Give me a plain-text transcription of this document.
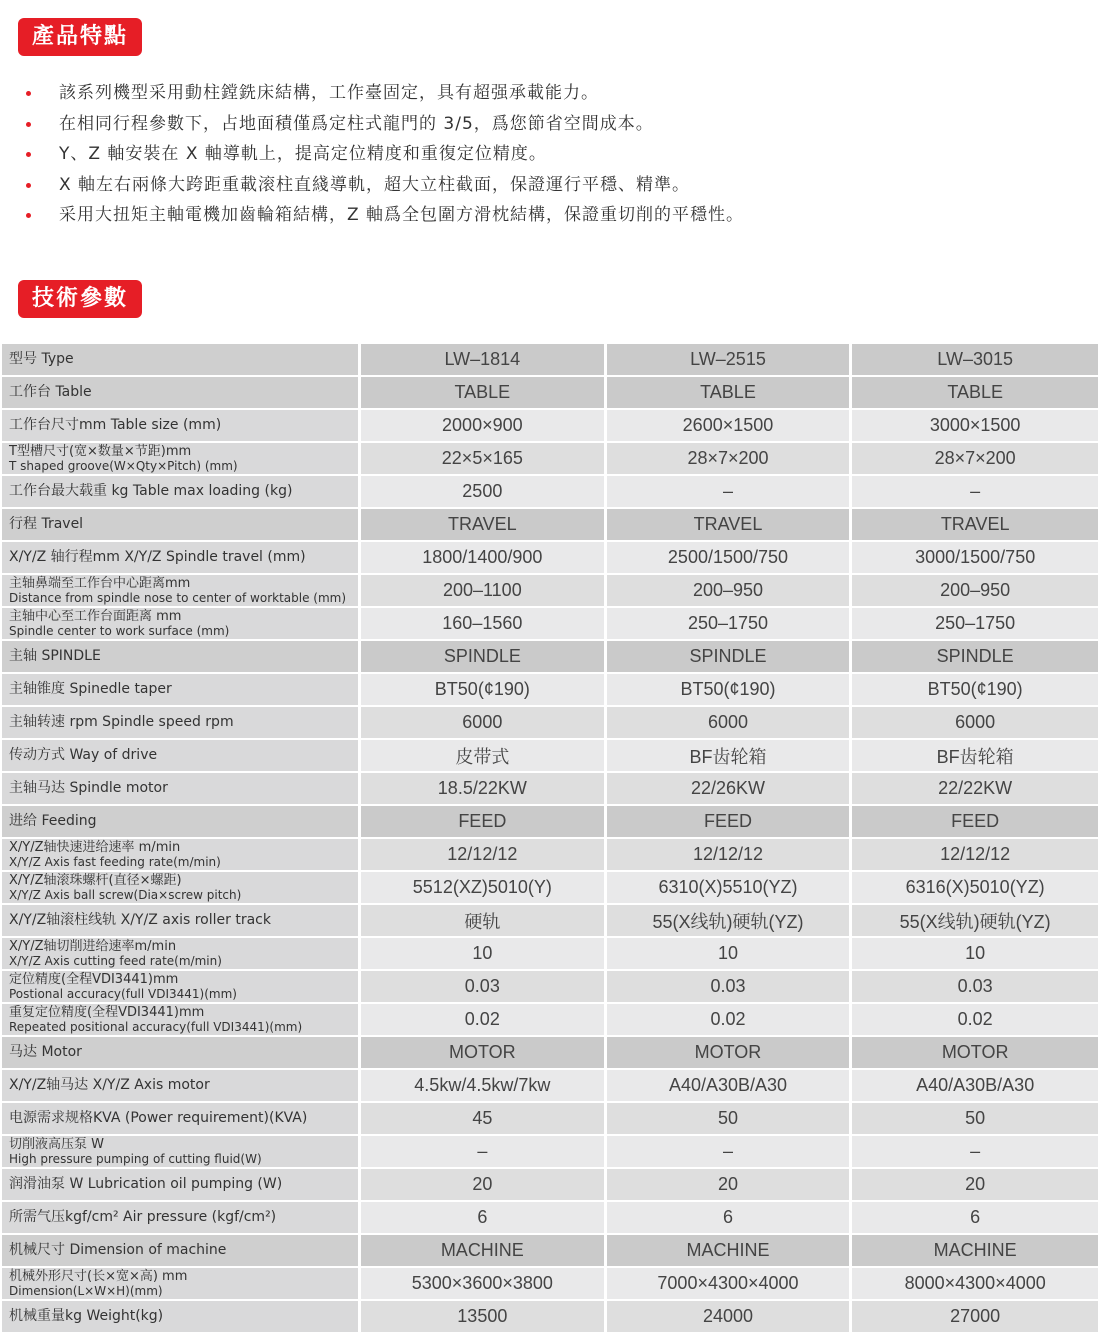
產品特點
該系列機型采用動柱鏜銑床結構，工作臺固定，具有超强承載能力。
在相同行程參數下，占地面積僅爲定柱式龍門的 3/5，爲您節省空間成本。
Y、Z 軸安裝在 X 軸導軌上，提高定位精度和重復定位精度。
X 軸左右兩條大跨距重載滚柱直綫導軌，超大立柱截面，保證運行平穩、精準。
采用大扭矩主軸電機加齒輪箱結構，Z 軸爲全包圍方滑枕結構，保證重切削的平穩性。
技術參數
型号 Type	LW–1814	LW–2515	LW–3015
工作台 Table	TABLE	TABLE	TABLE
工作台尺寸mm Table size (mm)	2000×900	2600×1500	3000×1500

T型槽尺寸(宽×数量×节距)mm
T shaped groove(W×Qty×Pitch) (mm)	22×5×165	28×7×200	28×7×200
工作台最大载重 kg Table max loading (kg)	2500	–	–
行程 Travel	TRAVEL	TRAVEL	TRAVEL
X/Y/Z 轴行程mm X/Y/Z Spindle travel (mm)	1800/1400/900	2500/1500/750	3000/1500/750

主轴鼻端至工作台中心距离mm
Distance from spindle nose to center of worktable (mm)	200–1100	200–950	200–950

主轴中心至工作台面距离 mm
Spindle center to work surface (mm)	160–1560	250–1750	250–1750
主轴 SPINDLE	SPINDLE	SPINDLE	SPINDLE
主轴锥度 Spinedle taper	BT50(¢190)	BT50(¢190)	BT50(¢190)
主轴转速 rpm Spindle speed rpm	6000	6000	6000
传动方式 Way of drive	皮带式	BF齿轮箱	BF齿轮箱
主轴马达 Spindle motor	18.5/22KW	22/26KW	22/22KW
进给 Feeding	FEED	FEED	FEED

X/Y/Z轴快速进给速率 m/min
X/Y/Z Axis fast feeding rate(m/min)	12/12/12	12/12/12	12/12/12

X/Y/Z轴滚珠螺杆(直径×螺距)
X/Y/Z Axis ball screw(Dia×screw pitch)	5512(XZ)5010(Y)	6310(X)5510(YZ)	6316(X)5010(YZ)
X/Y/Z轴滚柱线轨 X/Y/Z axis roller track	硬轨	55(X线轨)硬轨(YZ)	55(X线轨)硬轨(YZ)

X/Y/Z轴切削进给速率m/min
X/Y/Z Axis cutting feed rate(m/min)	10	10	10

定位精度(全程VDI3441)mm
Postional accuracy(full VDI3441)(mm)	0.03	0.03	0.03

重复定位精度(全程VDI3441)mm
Repeated positional accuracy(full VDI3441)(mm)	0.02	0.02	0.02
马达 Motor	MOTOR	MOTOR	MOTOR
X/Y/Z轴马达 X/Y/Z Axis motor	4.5kw/4.5kw/7kw	A40/A30B/A30	A40/A30B/A30
电源需求规格KVA (Power requirement)(KVA)	45	50	50

切削液高压泵 W
High pressure pumping of cutting fluid(W)	–	–	–
润滑油泵 W Lubrication oil pumping (W)	20	20	20
所需气压kgf/cm² Air pressure (kgf/cm²)	6	6	6
机械尺寸 Dimension of machine	MACHINE	MACHINE	MACHINE

机械外形尺寸(长×宽×高) mm
Dimension(L×W×H)(mm)	5300×3600×3800	7000×4300×4000	8000×4300×4000
机械重量kg Weight(kg)	13500	24000	27000
